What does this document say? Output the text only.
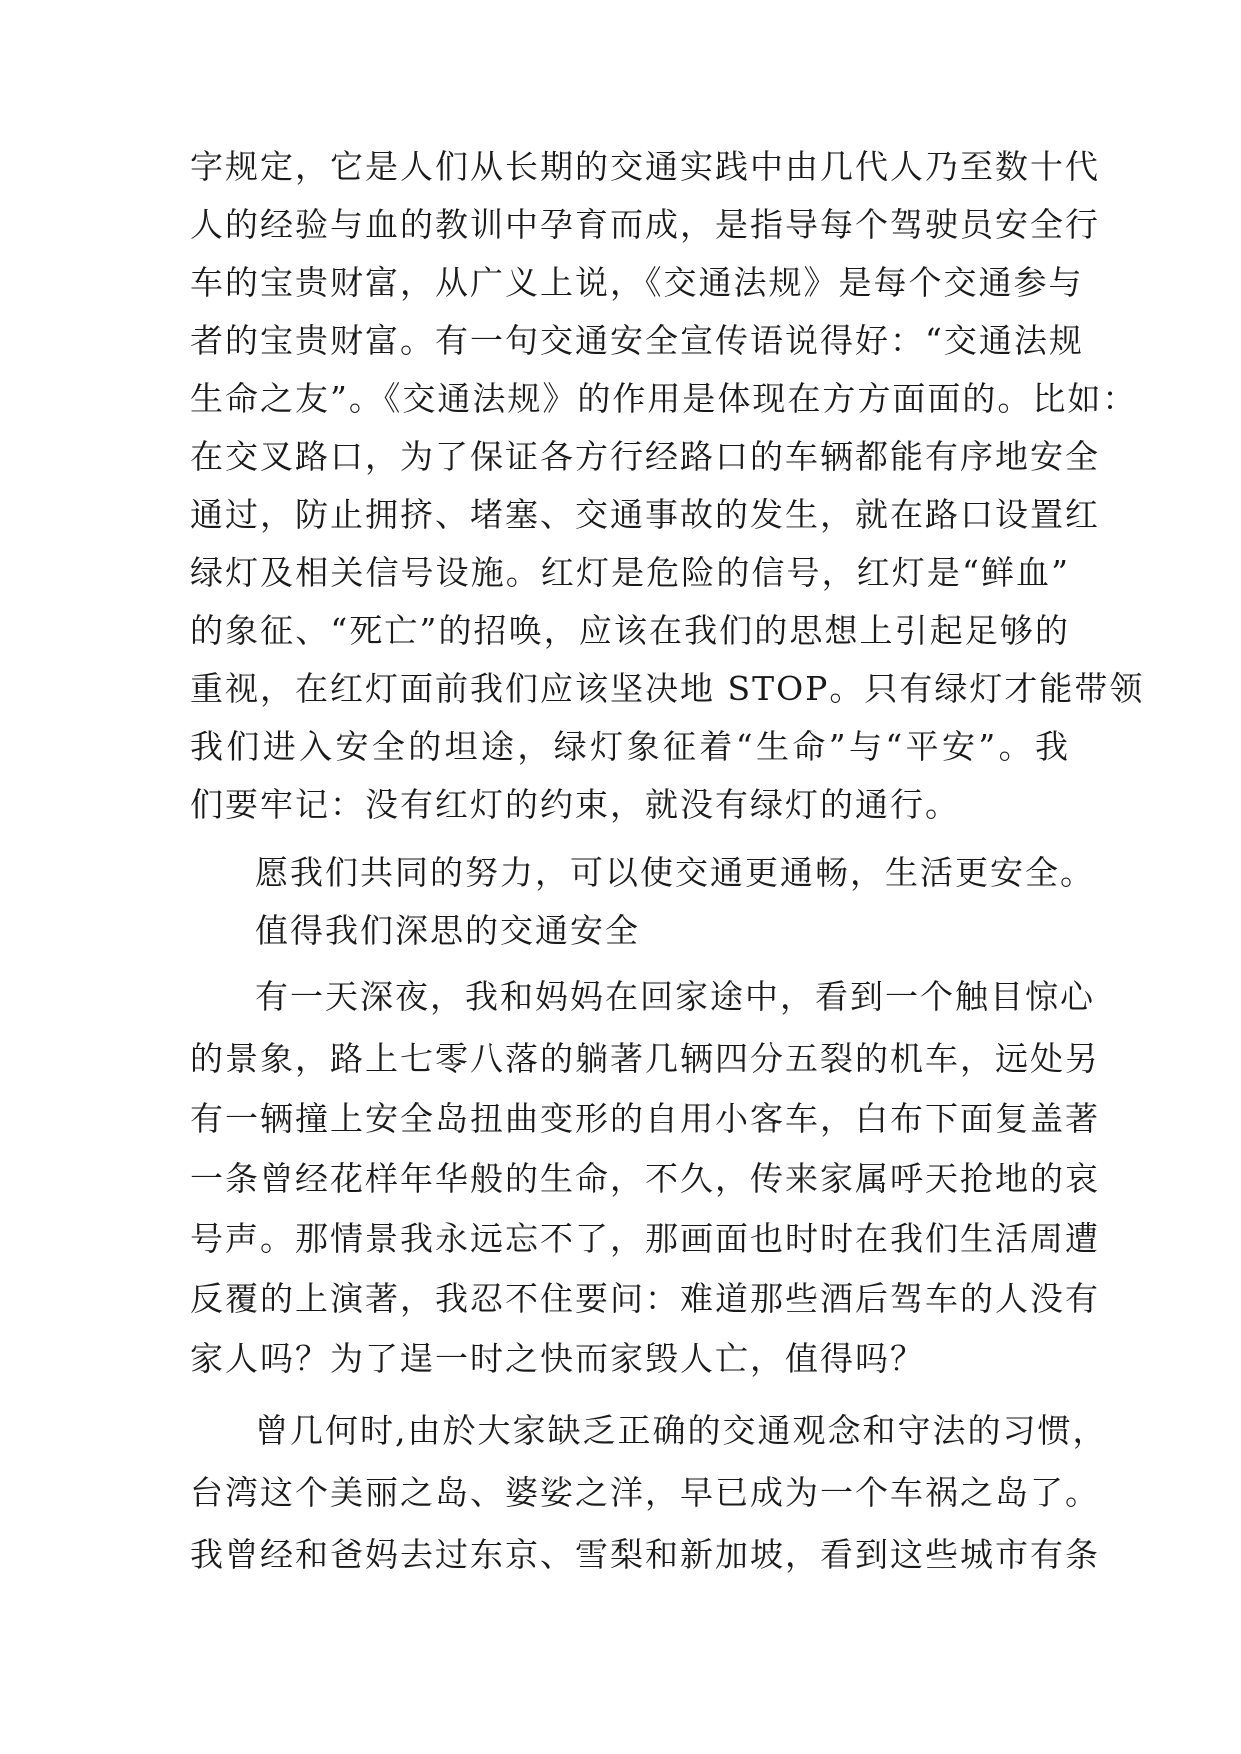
字规定，它是人们从长期的交通实践中由几代人乃至数十代
人的经验与血的教训中孕育而成，是指导每个驾驶员安全行
车的宝贵财富，从广义上说，《交通法规》是每个交通参与
者的宝贵财富。有一句交通安全宣传语说得好：“交通法规
生命之友”。《交通法规》的作用是体现在方方面面的。比如：
在交叉路口，为了保证各方行经路口的车辆都能有序地安全
通过，防止拥挤、堵塞、交通事故的发生，就在路口设置红
绿灯及相关信号设施。红灯是危险的信号，红灯是“鲜血”
的象征、“死亡”的招唤，应该在我们的思想上引起足够的
重视，在红灯面前我们应该坚决地 STOP。只有绿灯才能带领
我们进入安全的坦途，绿灯象征着“生命”与“平安”。我
们要牢记：没有红灯的约束，就没有绿灯的通行。
愿我们共同的努力，可以使交通更通畅，生活更安全。
值得我们深思的交通安全
有一天深夜，我和妈妈在回家途中，看到一个触目惊心
的景象，路上七零八落的躺著几辆四分五裂的机车，远处另
有一辆撞上安全岛扭曲变形的自用小客车，白布下面复盖著
一条曾经花样年华般的生命，不久，传来家属呼天抢地的哀
号声。那情景我永远忘不了，那画面也时时在我们生活周遭
反覆的上演著，我忍不住要问：难道那些酒后驾车的人没有
家人吗？为了逞一时之快而家毁人亡，值得吗？
曾几何时,由於大家缺乏正确的交通观念和守法的习惯，
台湾这个美丽之岛、婆娑之洋，早已成为一个车祸之岛了。
我曾经和爸妈去过东京、雪梨和新加坡，看到这些城市有条
